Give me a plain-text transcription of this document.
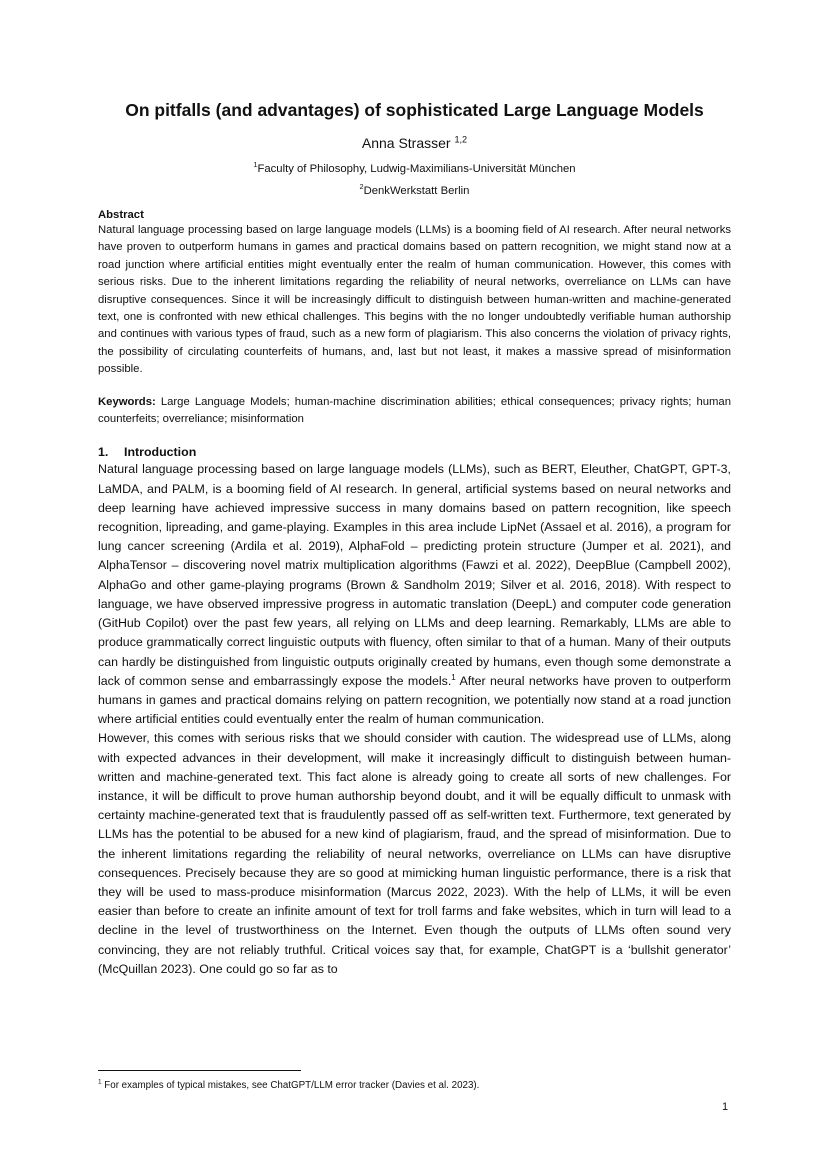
On pitfalls (and advantages) of sophisticated Large Language Models
Anna Strasser $^{1,2}$
$^1$Faculty of Philosophy, Ludwig-Maximilians-Universität München
$^2$DenkWerkstatt Berlin
Abstract

Natural language processing based on large language models (LLMs) is a booming field of AI research. After neural networks have proven to outperform humans in games and practical domains based on pattern recognition, we might stand now at a road junction where artificial entities might eventually enter the realm of human communication. However, this comes with serious risks. Due to the inherent limitations regarding the reliability of neural networks, overreliance on LLMs can have disruptive consequences. Since it will be increasingly difficult to distinguish between human-written and machine-generated text, one is confronted with new ethical challenges. This begins with the no longer undoubtedly verifiable human authorship and continues with various types of fraud, such as a new form of plagiarism. This also concerns the violation of privacy rights, the possibility of circulating counterfeits of humans, and, last but not least, it makes a massive spread of misinformation possible.

Keywords: Large Language Models; human-machine discrimination abilities; ethical consequences; privacy rights; human counterfeits; overreliance; misinformation

1. Introduction

Natural language processing based on large language models (LLMs), such as BERT, Eleuther, ChatGPT, GPT-3, LaMDA, and PALM, is a booming field of AI research. In general, artificial systems based on neural networks and deep learning have achieved impressive success in many domains based on pattern recognition, like speech recognition, lipreading, and game-playing. Examples in this area include LipNet (Assael et al. 2016), a program for lung cancer screening (Ardila et al. 2019), AlphaFold – predicting protein structure (Jumper et al. 2021), and AlphaTensor – discovering novel matrix multiplication algorithms (Fawzi et al. 2022), DeepBlue (Campbell 2002), AlphaGo and other game-playing programs (Brown & Sandholm 2019; Silver et al. 2016, 2018). With respect to language, we have observed impressive progress in automatic translation (DeepL) and computer code generation (GitHub Copilot) over the past few years, all relying on LLMs and deep learning. Remarkably, LLMs are able to produce grammatically correct linguistic outputs with fluency, often similar to that of a human. Many of their outputs can hardly be distinguished from linguistic outputs originally created by humans, even though some demonstrate a lack of common sense and embarrassingly expose the models.$^1$ After neural networks have proven to outperform humans in games and practical domains relying on pattern recognition, we potentially now stand at a road junction where artificial entities could eventually enter the realm of human communication.

However, this comes with serious risks that we should consider with caution. The widespread use of LLMs, along with expected advances in their development, will make it increasingly difficult to distinguish between human-written and machine-generated text. This fact alone is already going to create all sorts of new challenges. For instance, it will be difficult to prove human authorship beyond doubt, and it will be equally difficult to unmask with certainty machine-generated text that is fraudulently passed off as self-written text. Furthermore, text generated by LLMs has the potential to be abused for a new kind of plagiarism, fraud, and the spread of misinformation. Due to the inherent limitations regarding the reliability of neural networks, overreliance on LLMs can have disruptive consequences. Precisely because they are so good at mimicking human linguistic performance, there is a risk that they will be used to mass-produce misinformation (Marcus 2022, 2023). With the help of LLMs, it will be even easier than before to create an infinite amount of text for troll farms and fake websites, which in turn will lead to a decline in the level of trustworthiness on the Internet. Even though the outputs of LLMs often sound very convincing, they are not reliably truthful. Critical voices say that, for example, ChatGPT is a ‘bullshit generator’ (McQuillan 2023). One could go so far as to

$^1$ For examples of typical mistakes, see ChatGPT/LLM error tracker (Davies et al. 2023).
1
